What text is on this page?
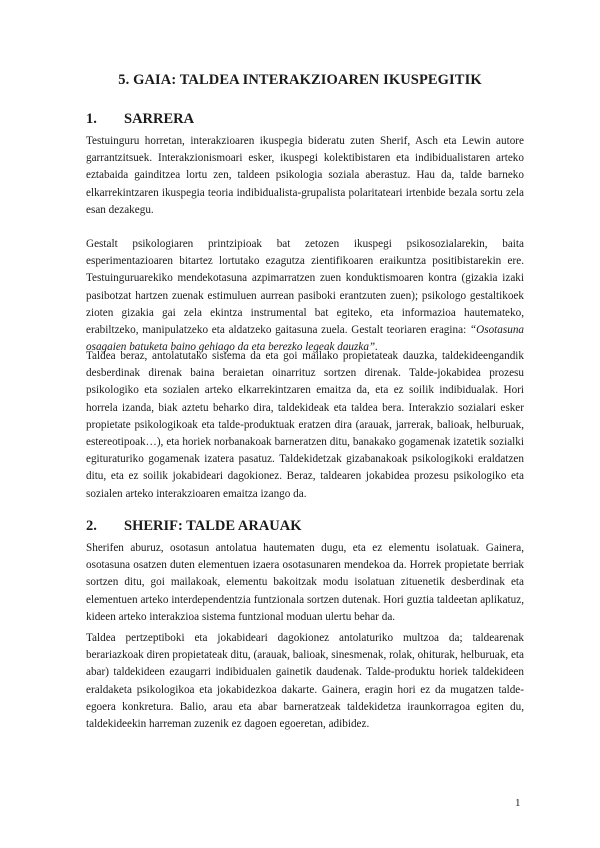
5. GAIA: TALDEA INTERAKZIOAREN IKUSPEGITIK
1. SARRERA

Testuinguru horretan, interakzioaren ikuspegia bideratu zuten Sherif, Asch eta Lewin autore garrantzitsuek. Interakzionismoari esker, ikuspegi kolektibistaren eta indibidualistaren arteko eztabaida gainditzea lortu zen, taldeen psikologia soziala aberastuz. Hau da, talde barneko elkarrekintzaren ikuspegia teoria indibidualista-grupalista polaritateari irtenbide bezala sortu zela esan dezakegu.

Gestalt psikologiaren printzipioak bat zetozen ikuspegi psikosozialarekin, baita esperimentazioaren bitartez lortutako ezagutza zientifikoaren eraikuntza positibistarekin ere. Testuinguruarekiko mendekotasuna azpimarratzen zuen konduktismoaren kontra (gizakia izaki pasibotzat hartzen zuenak estimuluen aurrean pasiboki erantzuten zuen); psikologo gestaltikoek zioten gizakia gai zela ekintza instrumental bat egiteko, eta informazioa hautemateko, erabiltzeko, manipulatzeko eta aldatzeko gaitasuna zuela. Gestalt teoriaren eragina: “Osotasuna osagaien batuketa baino gehiago da eta berezko legeak dauzka”.

Taldea beraz, antolatutako sistema da eta goi mailako propietateak dauzka, taldekideengandik desberdinak direnak baina beraietan oinarrituz sortzen direnak. Talde-jokabidea prozesu psikologiko eta sozialen arteko elkarrekintzaren emaitza da, eta ez soilik indibidualak. Hori horrela izanda, biak aztetu beharko dira, taldekideak eta taldea bera. Interakzio sozialari esker propietate psikologikoak eta talde-produktuak eratzen dira (arauak, jarrerak, balioak, helburuak, estereotipoak…), eta horiek norbanakoak barneratzen ditu, banakako gogamenak izatetik sozialki egituraturiko gogamenak izatera pasatuz. Taldekidetzak gizabanakoak psikologikoki eraldatzen ditu, eta ez soilik jokabideari dagokionez. Beraz, taldearen jokabidea prozesu psikologiko eta sozialen arteko interakzioaren emaitza izango da.

2. SHERIF: TALDE ARAUAK

Sherifen aburuz, osotasun antolatua hautematen dugu, eta ez elementu isolatuak. Gainera, osotasuna osatzen duten elementuen izaera osotasunaren mendekoa da. Horrek propietate berriak sortzen ditu, goi mailakoak, elementu bakoitzak modu isolatuan zituenetik desberdinak eta elementuen arteko interdependentzia funtzionala sortzen dutenak. Hori guztia taldeetan aplikatuz, kideen arteko interakzioa sistema funtzional moduan ulertu behar da.

Taldea pertzeptiboki eta jokabideari dagokionez antolaturiko multzoa da; taldearenak berariazkoak diren propietateak ditu, (arauak, balioak, sinesmenak, rolak, ohiturak, helburuak, eta abar) taldekideen ezaugarri indibidualen gainetik daudenak. Talde-produktu horiek taldekideen eraldaketa psikologikoa eta jokabidezkoa dakarte. Gainera, eragin hori ez da mugatzen talde-egoera konkretura. Balio, arau eta abar barneratzeak taldekidetza iraunkorragoa egiten du, taldekideekin harreman zuzenik ez dagoen egoeretan, adibidez.

1
